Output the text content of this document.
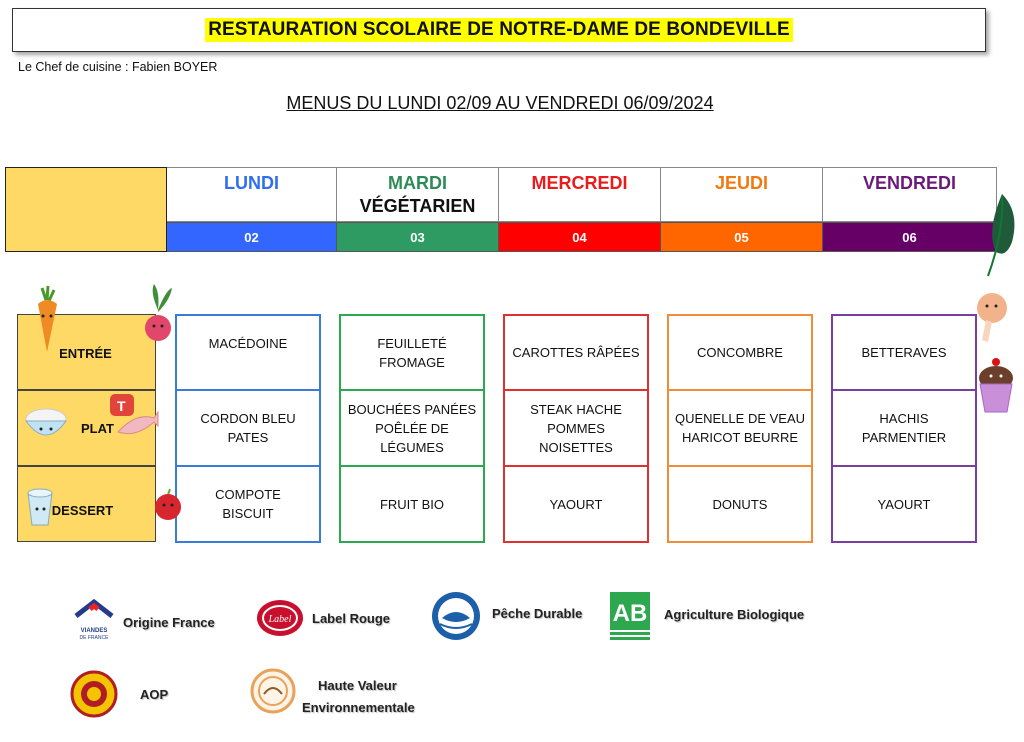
RESTAURATION SCOLAIRE DE NOTRE-DAME DE BONDEVILLE
Le Chef de cuisine : Fabien BOYER
MENUS DU LUNDI 02/09 AU VENDREDI 06/09/2024
LUNDI
02
MARDI
VÉGÉTARIEN
03
MERCREDI
04
JEUDI
05
VENDREDI
06
ENTRÉE
PLAT
DESSERT
MACÉDOINE
CORDON BLEU
PATES
COMPOTE
BISCUIT
FEUILLETÉ
FROMAGE
BOUCHÉES PANÉES
POÊLÉE DE
LÉGUMES
FRUIT BIO
CAROTTES RÂPÉES
STEAK HACHE
POMMES NOISETTES
YAOURT
CONCOMBRE
QUENELLE DE VEAU
HARICOT BEURRE
DONUTS
BETTERAVES
HACHIS
PARMENTIER
YAOURT
T
VIANDES
DE FRANCE
Origine France	Label Label Rouge	Pêche Durable AB Agriculture Biologique
AOP
Haute Valeur
Environnementale
